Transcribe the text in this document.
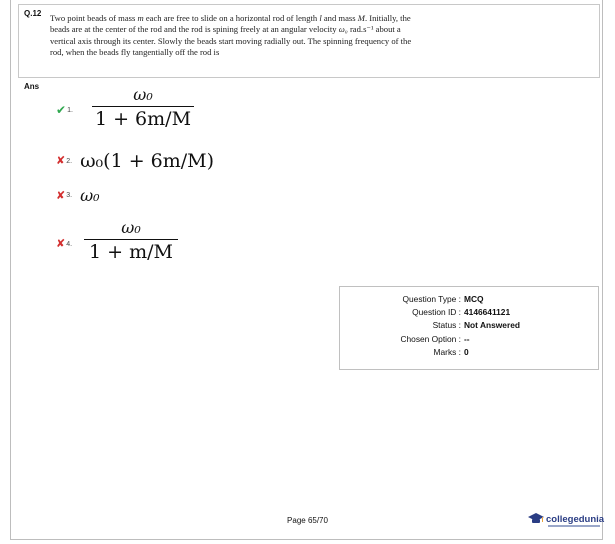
Q.12 Two point beads of mass m each are free to slide on a horizontal rod of length l and mass M. Initially, the beads are at the center of the rod and the rod is spining freely at an angular velocity ω₀ rad.s⁻¹ about a vertical axis through its center. Slowly the beads start moving radially out. The spinning frequency of the rod, when the beads fly tangentially off the rod is
Ans
✔ 1.
ω₀
1 + 6m/M
✘ 2. ω₀(1 + 6m/M)
✘ 3. ω₀
✘ 4.
ω₀
1 + m/M
Question Type : MCQ
Question ID : 4146641121
Status : Not Answered
Chosen Option : --
Marks : 0
Page 65/70	collegedunia
